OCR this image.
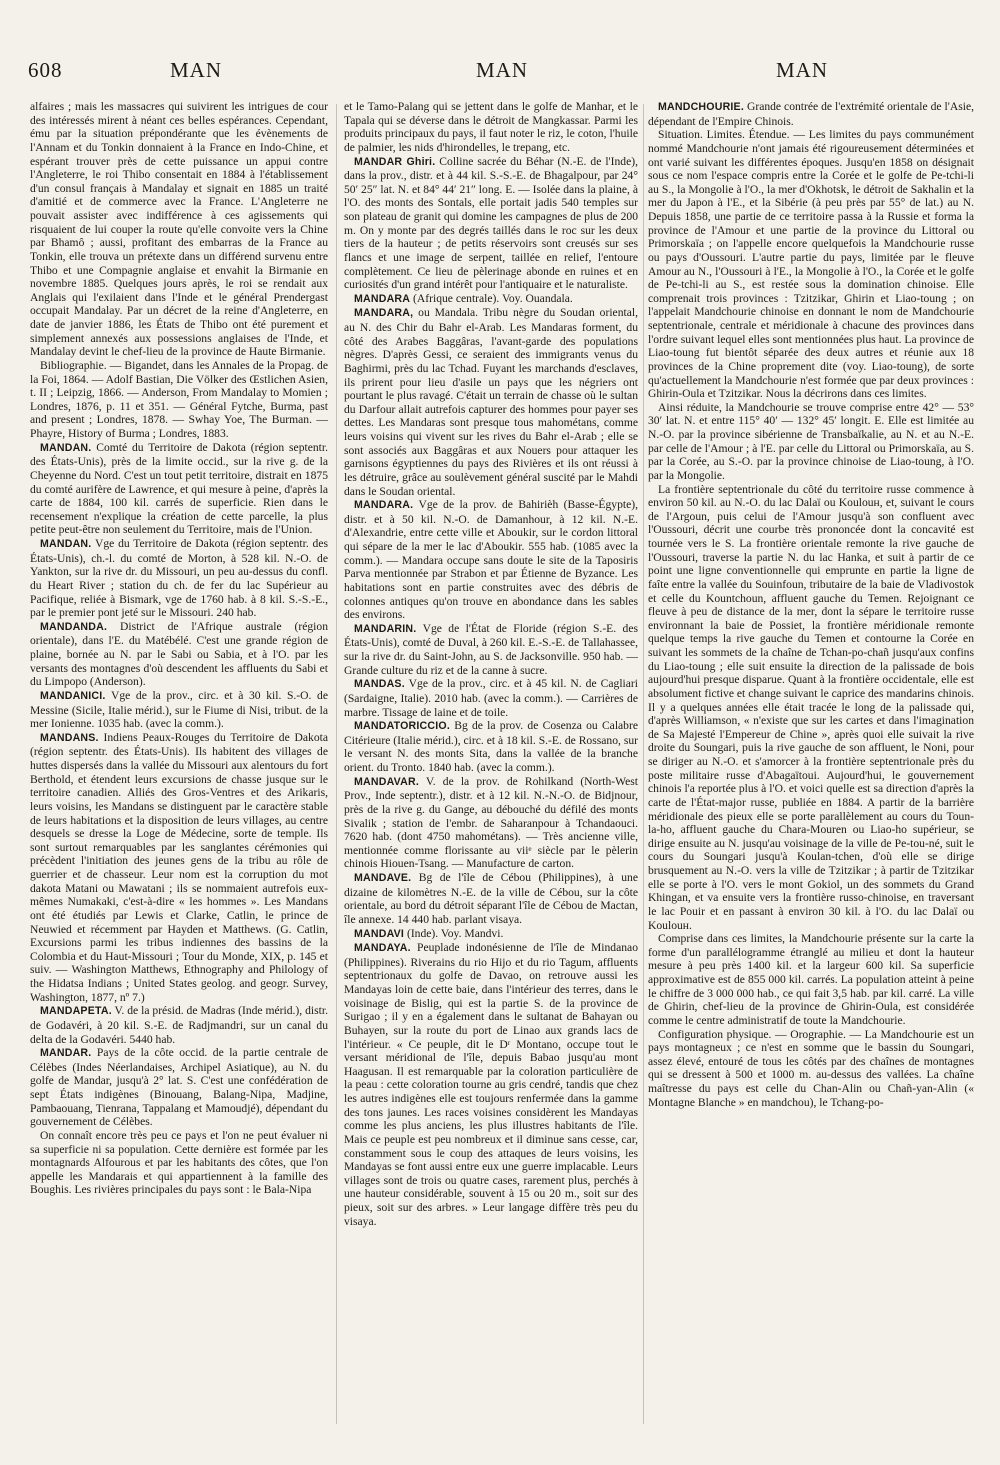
608	MAN	MAN	MAN

alfaires ; mais les massacres qui suivirent les intrigues de cour des intéressés mirent à néant ces belles espérances. Cependant, ému par la situation prépondérante que les évènements de l'Annam et du Tonkin donnaient à la France en Indo-Chine, et espérant trouver près de cette puissance un appui contre l'Angleterre, le roi Thibo consentait en 1884 à l'établissement d'un consul français à Mandalay et signait en 1885 un traité d'amitié et de commerce avec la France. L'Angleterre ne pouvait assister avec indifférence à ces agissements qui risquaient de lui couper la route qu'elle convoite vers la Chine par Bhamô ; aussi, profitant des embarras de la France au Tonkin, elle trouva un prétexte dans un différend survenu entre Thibo et une Compagnie anglaise et envahit la Birmanie en novembre 1885. Quelques jours après, le roi se rendait aux Anglais qui l'exilaient dans l'Inde et le général Prendergast occupait Mandalay. Par un décret de la reine d'Angleterre, en date de janvier 1886, les États de Thibo ont été purement et simplement annexés aux possessions anglaises de l'Inde, et Mandalay devint le chef-lieu de la province de Haute Birmanie.

Bibliographie. — Bigandet, dans les Annales de la Propag. de la Foi, 1864. — Adolf Bastian, Die Völker des Œstlichen Asien, t. II ; Leipzig, 1866. — Anderson, From Mandalay to Momien ; Londres, 1876, p. 11 et 351. — Général Fytche, Burma, past and present ; Londres, 1878. — Swhay Yoe, The Burman. — Phayre, History of Burma ; Londres, 1883.

MANDAN. Comté du Territoire de Dakota (région septentr. des États-Unis), près de la limite occid., sur la rive g. de la Cheyenne du Nord. C'est un tout petit territoire, distrait en 1875 du comté aurifère de Lawrence, et qui mesure à peine, d'après la carte de 1884, 100 kil. carrés de superficie. Rien dans le recensement n'explique la création de cette parcelle, la plus petite peut-être non seulement du Territoire, mais de l'Union.

MANDAN. Vge du Territoire de Dakota (région septentr. des États-Unis), ch.-l. du comté de Morton, à 528 kil. N.-O. de Yankton, sur la rive dr. du Missouri, un peu au-dessus du confl. du Heart River ; station du ch. de fer du lac Supérieur au Pacifique, reliée à Bismark, vge de 1760 hab. à 8 kil. S.-S.-E., par le premier pont jeté sur le Missouri. 240 hab.

MANDANDA. District de l'Afrique australe (région orientale), dans l'E. du Matébélé. C'est une grande région de plaine, bornée au N. par le Sabi ou Sabia, et à l'O. par les versants des montagnes d'où descendent les affluents du Sabi et du Limpopo (Anderson).

MANDANICI. Vge de la prov., circ. et à 30 kil. S.-O. de Messine (Sicile, Italie mérid.), sur le Fiume di Nisi, tribut. de la mer Ionienne. 1035 hab. (avec la comm.).

MANDANS. Indiens Peaux-Rouges du Territoire de Dakota (région septentr. des États-Unis). Ils habitent des villages de huttes dispersés dans la vallée du Missouri aux alentours du fort Berthold, et étendent leurs excursions de chasse jusque sur le territoire canadien. Alliés des Gros-Ventres et des Arikaris, leurs voisins, les Mandans se distinguent par le caractère stable de leurs habitations et la disposition de leurs villages, au centre desquels se dresse la Loge de Médecine, sorte de temple. Ils sont surtout remarquables par les sanglantes cérémonies qui précèdent l'initiation des jeunes gens de la tribu au rôle de guerrier et de chasseur. Leur nom est la corruption du mot dakota Matani ou Mawatani ; ils se nommaient autrefois eux-mêmes Numakaki, c'est-à-dire « les hommes ». Les Mandans ont été étudiés par Lewis et Clarke, Catlin, le prince de Neuwied et récemment par Hayden et Matthews. (G. Catlin, Excursions parmi les tribus indiennes des bassins de la Colombia et du Haut-Missouri ; Tour du Monde, XIX, p. 145 et suiv. — Washington Matthews, Ethnography and Philology of the Hidatsa Indians ; United States geolog. and geogr. Survey, Washington, 1877, nº 7.)

MANDAPETA. V. de la présid. de Madras (Inde mérid.), distr. de Godavéri, à 20 kil. S.-E. de Radjmandri, sur un canal du delta de la Godavéri. 5440 hab.

MANDAR. Pays de la côte occid. de la partie centrale de Célèbes (Indes Néerlandaises, Archipel Asiatique), au N. du golfe de Mandar, jusqu'à 2° lat. S. C'est une confédération de sept États indigènes (Binouang, Balang-Nipa, Madjine, Pambaouang, Tienrana, Tappalang et Mamoudjé), dépendant du gouvernement de Célèbes.

On connaît encore très peu ce pays et l'on ne peut évaluer ni sa superficie ni sa population. Cette dernière est formée par les montagnards Alfourous et par les habitants des côtes, que l'on appelle les Mandarais et qui appartiennent à la famille des Boughis. Les rivières principales du pays sont : le Bala-Nipa

et le Tamo-Palang qui se jettent dans le golfe de Manhar, et le Tapala qui se déverse dans le détroit de Mangkassar. Parmi les produits principaux du pays, il faut noter le riz, le coton, l'huile de palmier, les nids d'hirondelles, le trepang, etc.

MANDAR Ghiri. Colline sacrée du Béhar (N.-E. de l'Inde), dans la prov., distr. et à 44 kil. S.-S.-E. de Bhagalpour, par 24° 50′ 25″ lat. N. et 84° 44′ 21″ long. E. — Isolée dans la plaine, à l'O. des monts des Sontals, elle portait jadis 540 temples sur son plateau de granit qui domine les campagnes de plus de 200 m. On y monte par des degrés taillés dans le roc sur les deux tiers de la hauteur ; de petits réservoirs sont creusés sur ses flancs et une image de serpent, taillée en relief, l'entoure complètement. Ce lieu de pèlerinage abonde en ruines et en curiosités d'un grand intérêt pour l'antiquaire et le naturaliste.

MANDARA (Afrique centrale). Voy. Ouandala.

MANDARA, ou Mandala. Tribu nègre du Soudan oriental, au N. des Chir du Bahr el-Arab. Les Mandaras forment, du côté des Arabes Baggâras, l'avant-garde des populations nègres. D'après Gessi, ce seraient des immigrants venus du Baghirmi, près du lac Tchad. Fuyant les marchands d'esclaves, ils prirent pour lieu d'asile un pays que les négriers ont pourtant le plus ravagé. C'était un terrain de chasse où le sultan du Darfour allait autrefois capturer des hommes pour payer ses dettes. Les Mandaras sont presque tous mahométans, comme leurs voisins qui vivent sur les rives du Bahr el-Arab ; elle se sont associés aux Baggâras et aux Nouers pour attaquer les garnisons égyptiennes du pays des Rivières et ils ont réussi à les détruire, grâce au soulèvement général suscité par le Mahdi dans le Soudan oriental.

MANDARA. Vge de la prov. de Bahirièh (Basse-Égypte), distr. et à 50 kil. N.-O. de Damanhour, à 12 kil. N.-E. d'Alexandrie, entre cette ville et Aboukir, sur le cordon littoral qui sépare de la mer le lac d'Aboukir. 555 hab. (1085 avec la comm.). — Mandara occupe sans doute le site de la Taposiris Parva mentionnée par Strabon et par Étienne de Byzance. Les habitations sont en partie construites avec des débris de colonnes antiques qu'on trouve en abondance dans les sables des environs.

MANDARIN. Vge de l'État de Floride (région S.-E. des États-Unis), comté de Duval, à 260 kil. E.-S.-E. de Tallahassee, sur la rive dr. du Saint-John, au S. de Jacksonville. 950 hab. — Grande culture du riz et de la canne à sucre.

MANDAS. Vge de la prov., circ. et à 45 kil. N. de Cagliari (Sardaigne, Italie). 2010 hab. (avec la comm.). — Carrières de marbre. Tissage de laine et de toile.

MANDATORICCIO. Bg de la prov. de Cosenza ou Calabre Citérieure (Italie mérid.), circ. et à 18 kil. S.-E. de Rossano, sur le versant N. des monts Sita, dans la vallée de la branche orient. du Tronto. 1840 hab. (avec la comm.).

MANDAVAR. V. de la prov. de Rohilkand (North-West Prov., Inde septentr.), distr. et à 12 kil. N.-N.-O. de Bidjnour, près de la rive g. du Gange, au débouché du défilé des monts Sivalik ; station de l'embr. de Saharanpour à Tchandaouci. 7620 hab. (dont 4750 mahométans). — Très ancienne ville, mentionnée comme florissante au viiᵉ siècle par le pèlerin chinois Hiouen-Tsang. — Manufacture de carton.

MANDAVE. Bg de l'île de Cébou (Philippines), à une dizaine de kilomètres N.-E. de la ville de Cébou, sur la côte orientale, au bord du détroit séparant l'île de Cébou de Mactan, île annexe. 14 440 hab. parlant visaya.

MANDAVI (Inde). Voy. Mandvi.

MANDAYA. Peuplade indonésienne de l'île de Mindanao (Philippines). Riverains du rio Hijo et du rio Tagum, affluents septentrionaux du golfe de Davao, on retrouve aussi les Mandayas loin de cette baie, dans l'intérieur des terres, dans le voisinage de Bislig, qui est la partie S. de la province de Surigao ; il y en a également dans le sultanat de Bahayan ou Buhayen, sur la route du port de Linao aux grands lacs de l'intérieur. « Ce peuple, dit le Dʳ Montano, occupe tout le versant méridional de l'île, depuis Babao jusqu'au mont Haagusan. Il est remarquable par la coloration particulière de la peau : cette coloration tourne au gris cendré, tandis que chez les autres indigènes elle est toujours renfermée dans la gamme des tons jaunes. Les races voisines considèrent les Mandayas comme les plus anciens, les plus illustres habitants de l'île. Mais ce peuple est peu nombreux et il diminue sans cesse, car, constamment sous le coup des attaques de leurs voisins, les Mandayas se font aussi entre eux une guerre implacable. Leurs villages sont de trois ou quatre cases, rarement plus, perchés à une hauteur considérable, souvent à 15 ou 20 m., soit sur des pieux, soit sur des arbres. » Leur langage diffère très peu du visaya.

MANDCHOURIE. Grande contrée de l'extrémité orientale de l'Asie, dépendant de l'Empire Chinois.

Situation. Limites. Étendue. — Les limites du pays communément nommé Mandchourie n'ont jamais été rigoureusement déterminées et ont varié suivant les différentes époques. Jusqu'en 1858 on désignait sous ce nom l'espace compris entre la Corée et le golfe de Pe-tchi-li au S., la Mongolie à l'O., la mer d'Okhotsk, le détroit de Sakhalin et la mer du Japon à l'E., et la Sibérie (à peu près par 55° de lat.) au N. Depuis 1858, une partie de ce territoire passa à la Russie et forma la province de l'Amour et une partie de la province du Littoral ou Primorskaïa ; on l'appelle encore quelquefois la Mandchourie russe ou pays d'Oussouri. L'autre partie du pays, limitée par le fleuve Amour au N., l'Oussouri à l'E., la Mongolie à l'O., la Corée et le golfe de Pe-tchi-li au S., est restée sous la domination chinoise. Elle comprenait trois provinces : Tzitzikar, Ghirin et Liao-toung ; on l'appelait Mandchourie chinoise en donnant le nom de Mandchourie septentrionale, centrale et méridionale à chacune des provinces dans l'ordre suivant lequel elles sont mentionnées plus haut. La province de Liao-toung fut bientôt séparée des deux autres et réunie aux 18 provinces de la Chine proprement dite (voy. Liao-toung), de sorte qu'actuellement la Mandchourie n'est formée que par deux provinces : Ghirin-Oula et Tzitzikar. Nous la décrirons dans ces limites.

Ainsi réduite, la Mandchourie se trouve comprise entre 42° — 53° 30′ lat. N. et entre 115° 40′ — 132° 45′ longit. E. Elle est limitée au N.-O. par la province sibérienne de Transbaïkalie, au N. et au N.-E. par celle de l'Amour ; à l'E. par celle du Littoral ou Primorskaïa, au S. par la Corée, au S.-O. par la province chinoise de Liao-toung, à l'O. par la Mongolie.

La frontière septentrionale du côté du territoire russe commence à environ 50 kil. au N.-O. du lac Dalaï ou Koulouн, et, suivant le cours de l'Argoun, puis celui de l'Amour jusqu'à son confluent avec l'Oussouri, décrit une courbe très prononcée dont la concavité est tournée vers le S. La frontière orientale remonte la rive gauche de l'Oussouri, traverse la partie N. du lac Hanka, et suit à partir de ce point une ligne conventionnelle qui emprunte en partie la ligne de faîte entre la vallée du Souinfoun, tributaire de la baie de Vladivostok et celle du Kountchoun, affluent gauche du Temen. Rejoignant ce fleuve à peu de distance de la mer, dont la sépare le territoire russe environnant la baie de Possiet, la frontière méridionale remonte quelque temps la rive gauche du Temen et contourne la Corée en suivant les sommets de la chaîne de Tchan-po-chañ jusqu'aux confins du Liao-toung ; elle suit ensuite la direction de la palissade de bois aujourd'hui presque disparue. Quant à la frontière occidentale, elle est absolument fictive et change suivant le caprice des mandarins chinois. Il y a quelques années elle était tracée le long de la palissade qui, d'après Williamson, « n'existe que sur les cartes et dans l'imagination de Sa Majesté l'Empereur de Chine », après quoi elle suivait la rive droite du Soungari, puis la rive gauche de son affluent, le Noni, pour se diriger au N.-O. et s'amorcer à la frontière septentrionale près du poste militaire russe d'Abagaïtoui. Aujourd'hui, le gouvernement chinois l'a reportée plus à l'O. et voici quelle est sa direction d'après la carte de l'État-major russe, publiée en 1884. A partir de la barrière méridionale des pieux elle se porte parallèlement au cours du Toun-la-ho, affluent gauche du Chara-Mouren ou Liao-ho supérieur, se dirige ensuite au N. jusqu'au voisinage de la ville de Pe-tou-né, suit le cours du Soungari jusqu'à Koulan-tchen, d'où elle se dirige brusquement au N.-O. vers la ville de Tzitzikar ; à partir de Tzitzikar elle se porte à l'O. vers le mont Gokiol, un des sommets du Grand Khingan, et va ensuite vers la frontière russo-chinoise, en traversant le lac Pouir et en passant à environ 30 kil. à l'O. du lac Dalaï ou Koulouн.

Comprise dans ces limites, la Mandchourie présente sur la carte la forme d'un parallélogramme étranglé au milieu et dont la hauteur mesure à peu près 1400 kil. et la largeur 600 kil. Sa superficie approximative est de 855 000 kil. carrés. La population atteint à peine le chiffre de 3 000 000 hab., ce qui fait 3,5 hab. par kil. carré. La ville de Ghirin, chef-lieu de la province de Ghirin-Oula, est considérée comme le centre administratif de toute la Mandchourie.

Configuration physique. — Orographie. — La Mandchourie est un pays montagneux ; ce n'est en somme que le bassin du Soungari, assez élevé, entouré de tous les côtés par des chaînes de montagnes qui se dressent à 500 et 1000 m. au-dessus des vallées. La chaîne maîtresse du pays est celle du Chan-Alin ou Chañ-yan-Alin (« Montagne Blanche » en mandchou), le Tchang-po-
